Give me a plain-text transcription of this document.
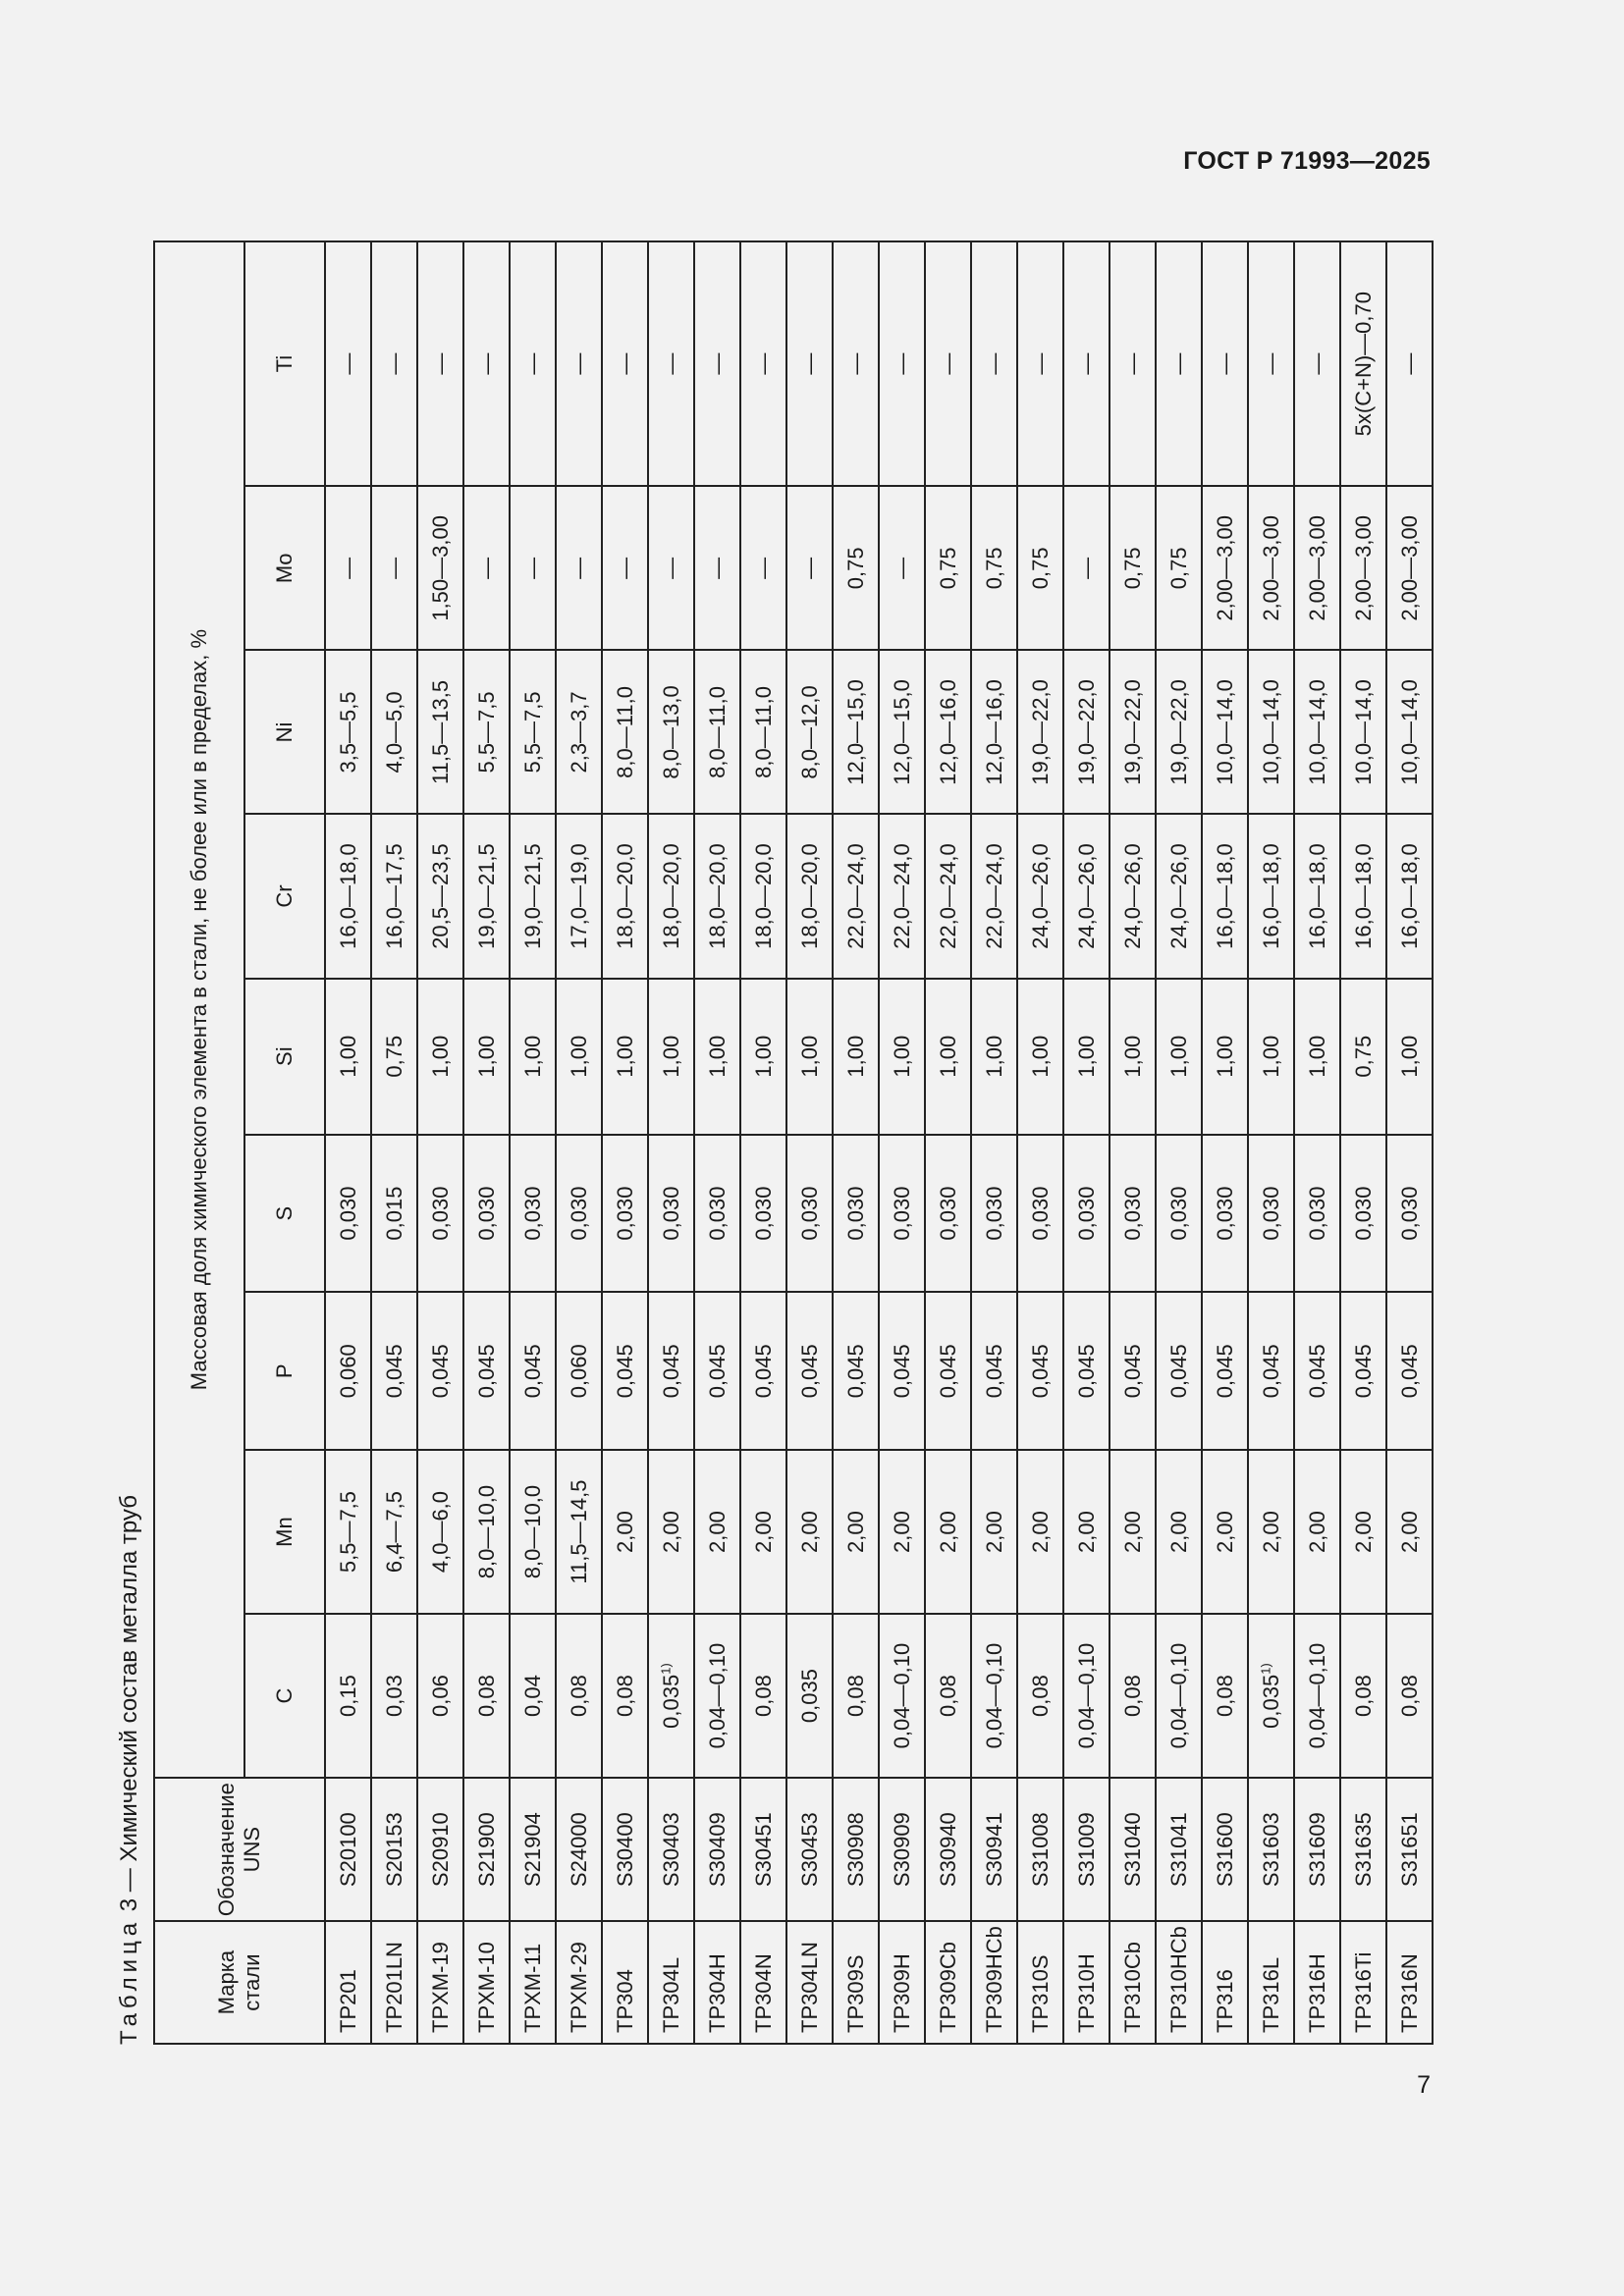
ГОСТ Р 71993—2025
Таблица 3 — Химический состав металла труб
Марка стали	Обозначение UNS	Массовая доля химического элемента в стали, не более или в пределах, %								
		C	Mn	P	S	Si	Cr	Ni	Mo	Ti
TP201	S20100	0,15	5,5—7,5	0,060	0,030	1,00	16,0—18,0	3,5—5,5	—	—
TP201LN	S20153	0,03	6,4—7,5	0,045	0,015	0,75	16,0—17,5	4,0—5,0	—	—
TPXM-19	S20910	0,06	4,0—6,0	0,045	0,030	1,00	20,5—23,5	11,5—13,5	1,50—3,00	—
TPXM-10	S21900	0,08	8,0—10,0	0,045	0,030	1,00	19,0—21,5	5,5—7,5	—	—
TPXM-11	S21904	0,04	8,0—10,0	0,045	0,030	1,00	19,0—21,5	5,5—7,5	—	—
TPXM-29	S24000	0,08	11,5—14,5	0,060	0,030	1,00	17,0—19,0	2,3—3,7	—	—
TP304	S30400	0,08	2,00	0,045	0,030	1,00	18,0—20,0	8,0—11,0	—	—
TP304L	S30403	0,035$^{1)}$	2,00	0,045	0,030	1,00	18,0—20,0	8,0—13,0	—	—
TP304H	S30409	0,04—0,10	2,00	0,045	0,030	1,00	18,0—20,0	8,0—11,0	—	—
TP304N	S30451	0,08	2,00	0,045	0,030	1,00	18,0—20,0	8,0—11,0	—	—
TP304LN	S30453	0,035	2,00	0,045	0,030	1,00	18,0—20,0	8,0—12,0	—	—
TP309S	S30908	0,08	2,00	0,045	0,030	1,00	22,0—24,0	12,0—15,0	0,75	—
TP309H	S30909	0,04—0,10	2,00	0,045	0,030	1,00	22,0—24,0	12,0—15,0	—	—
TP309Cb	S30940	0,08	2,00	0,045	0,030	1,00	22,0—24,0	12,0—16,0	0,75	—
TP309HCb	S30941	0,04—0,10	2,00	0,045	0,030	1,00	22,0—24,0	12,0—16,0	0,75	—
TP310S	S31008	0,08	2,00	0,045	0,030	1,00	24,0—26,0	19,0—22,0	0,75	—
TP310H	S31009	0,04—0,10	2,00	0,045	0,030	1,00	24,0—26,0	19,0—22,0	—	—
TP310Cb	S31040	0,08	2,00	0,045	0,030	1,00	24,0—26,0	19,0—22,0	0,75	—
TP310HCb	S31041	0,04—0,10	2,00	0,045	0,030	1,00	24,0—26,0	19,0—22,0	0,75	—
TP316	S31600	0,08	2,00	0,045	0,030	1,00	16,0—18,0	10,0—14,0	2,00—3,00	—
TP316L	S31603	0,035$^{1)}$	2,00	0,045	0,030	1,00	16,0—18,0	10,0—14,0	2,00—3,00	—
TP316H	S31609	0,04—0,10	2,00	0,045	0,030	1,00	16,0—18,0	10,0—14,0	2,00—3,00	—
TP316Ti	S31635	0,08	2,00	0,045	0,030	0,75	16,0—18,0	10,0—14,0	2,00—3,00	5x(C+N)—0,70
TP316N	S31651	0,08	2,00	0,045	0,030	1,00	16,0—18,0	10,0—14,0	2,00—3,00	—
7
